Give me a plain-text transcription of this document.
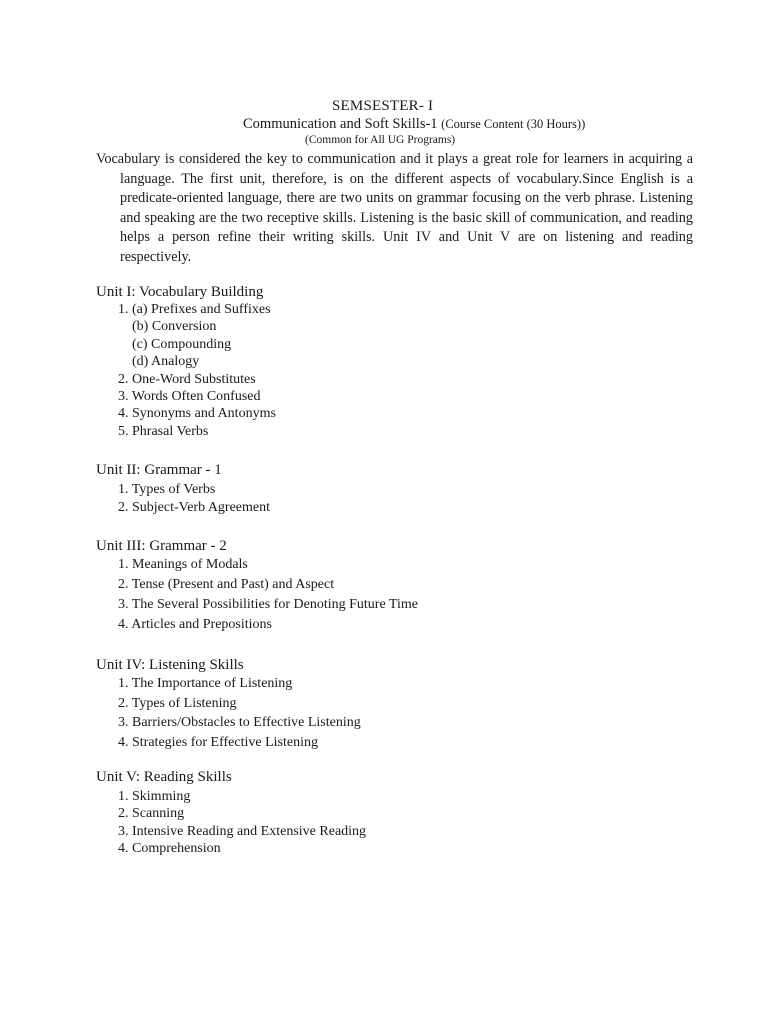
SEMSESTER- I
Communication and Soft Skills-1 (Course Content (30 Hours))
(Common for All UG Programs)
Vocabulary is considered the key to communication and it plays a great role for learners in acquiring a language. The first unit, therefore, is on the different aspects of vocabulary.Since English is a predicate-oriented language, there are two units on grammar focusing on the verb phrase. Listening and speaking are the two receptive skills. Listening is the basic skill of communication, and reading helps a person refine their writing skills. Unit IV and Unit V are on listening and reading respectively.
Unit I: Vocabulary Building
1. (a) Prefixes and Suffixes
(b) Conversion
(c) Compounding
(d) Analogy
2. One-Word Substitutes
3. Words Often Confused
4. Synonyms and Antonyms
5. Phrasal Verbs
Unit II: Grammar - 1
1. Types of Verbs
2. Subject-Verb Agreement
Unit III: Grammar - 2
1. Meanings of Modals
2. Tense (Present and Past) and Aspect
3. The Several Possibilities for Denoting Future Time
4. Articles and Prepositions
Unit IV: Listening Skills
1. The Importance of Listening
2. Types of Listening
3. Barriers/Obstacles to Effective Listening
4. Strategies for Effective Listening
Unit V: Reading Skills
1. Skimming
2. Scanning
3. Intensive Reading and Extensive Reading
4. Comprehension
